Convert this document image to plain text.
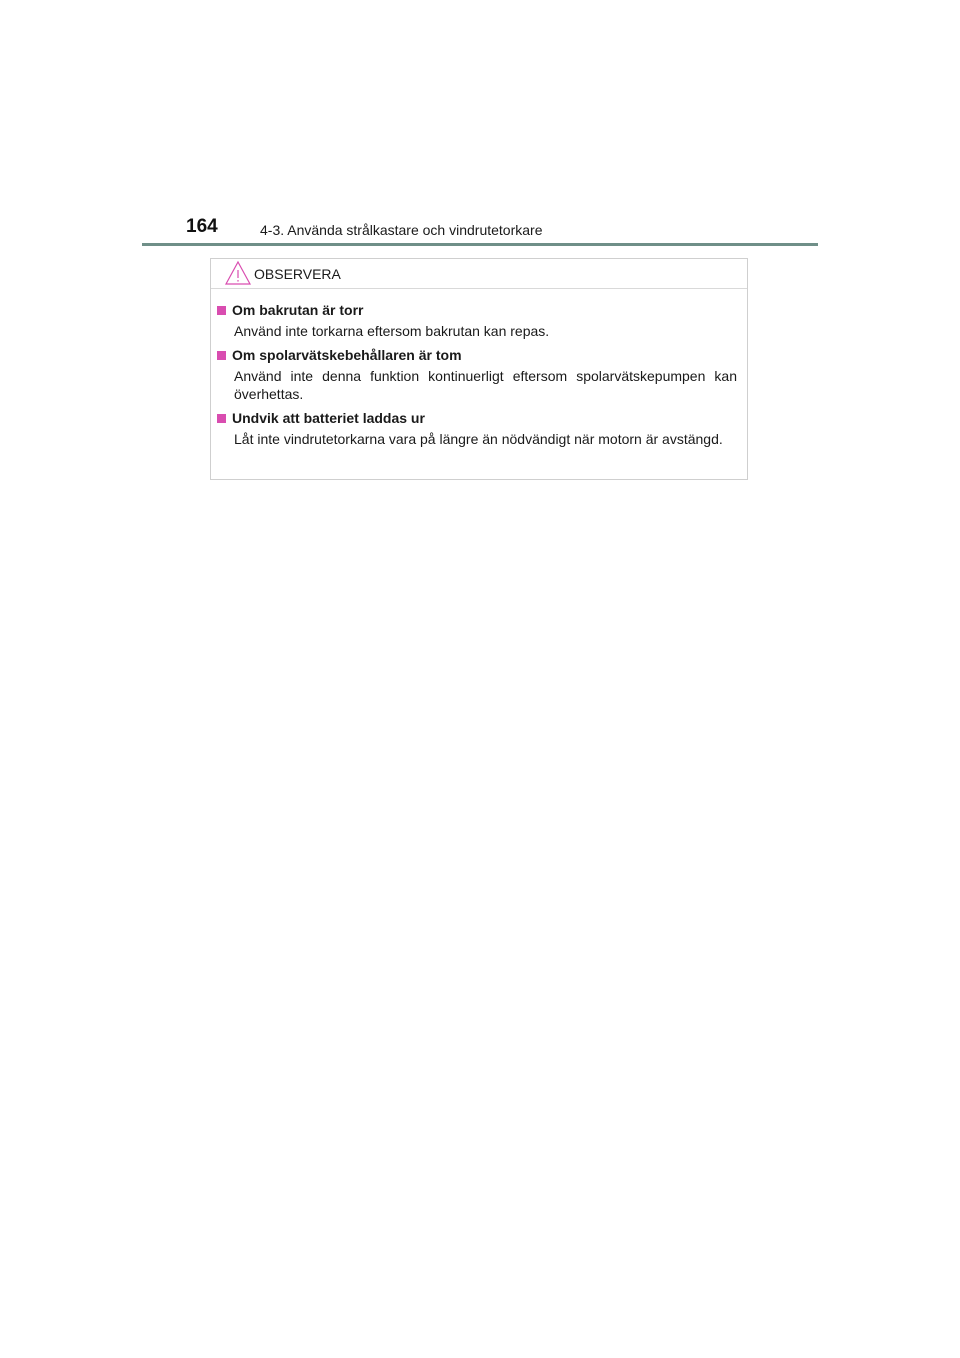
164	4-3. Använda strålkastare och vindrutetorkare
OBSERVERA
Om bakrutan är torr
Använd inte torkarna eftersom bakrutan kan repas.
Om spolarvätskebehållaren är tom
Använd inte denna funktion kontinuerligt eftersom spolarvätskepumpen kan överhettas.
Undvik att batteriet laddas ur
Låt inte vindrutetorkarna vara på längre än nödvändigt när motorn är avstängd.
